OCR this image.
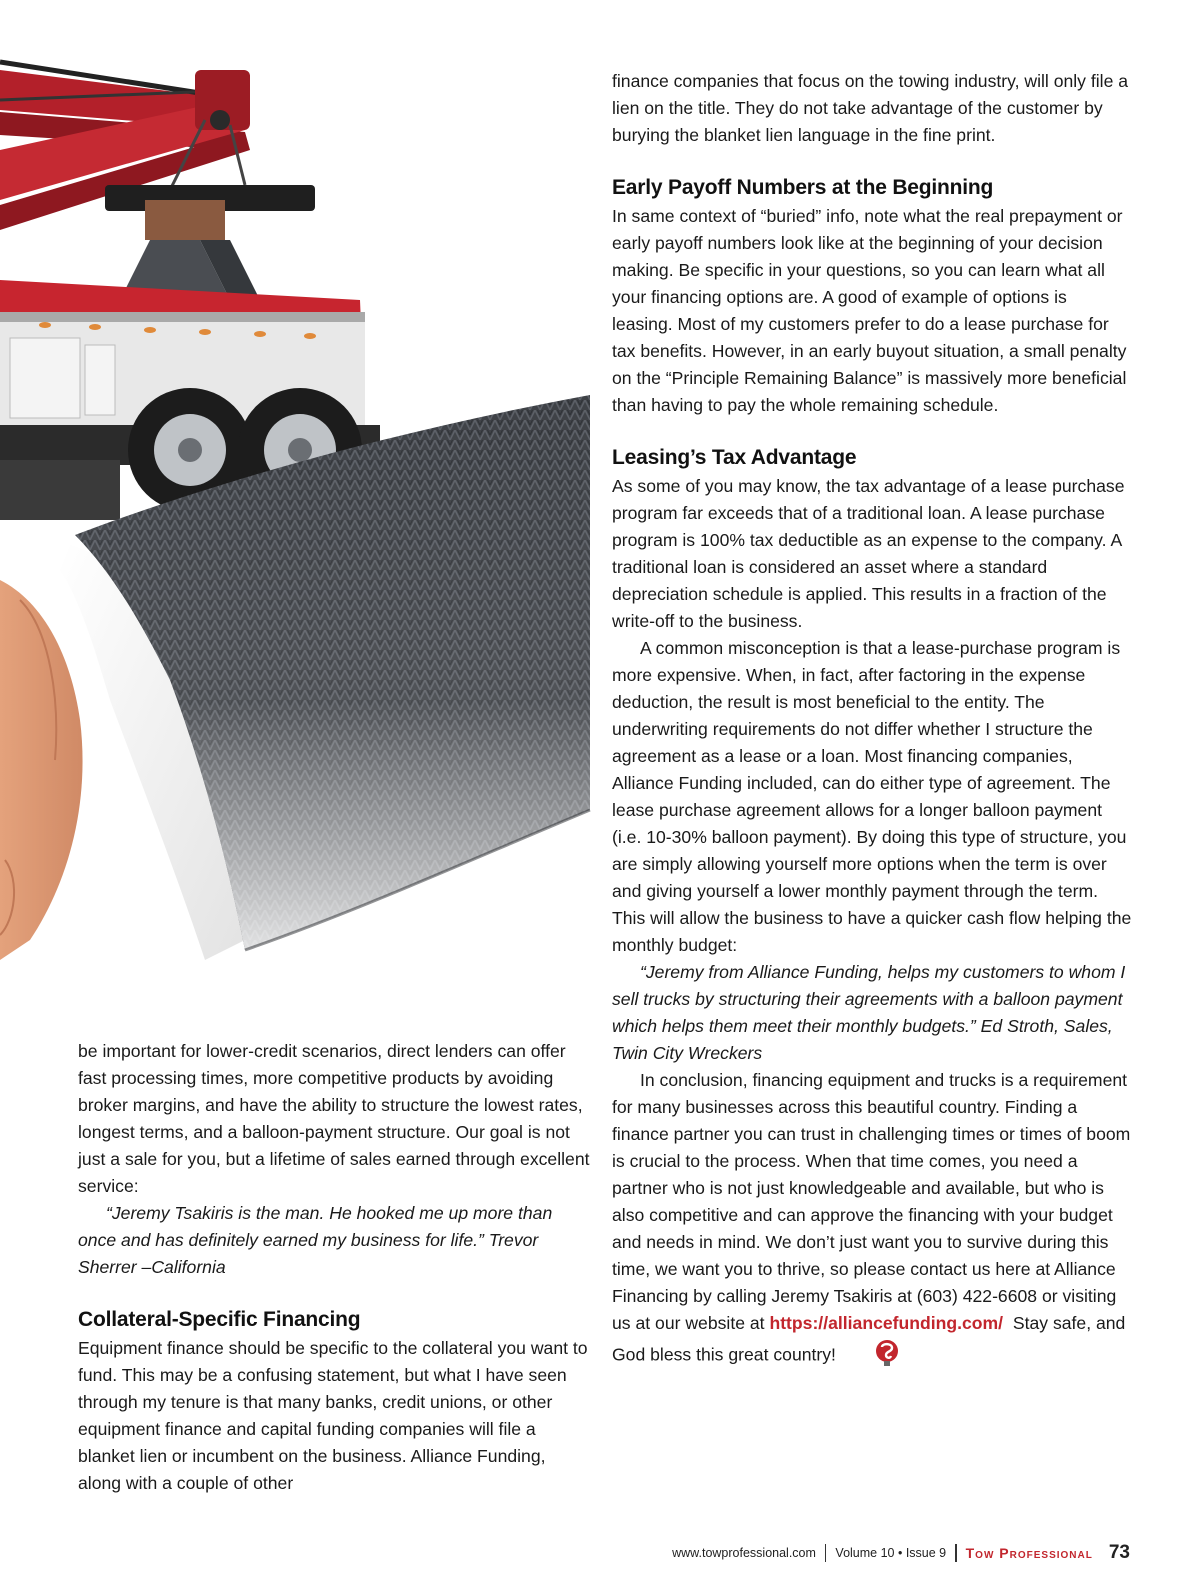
be important for lower-credit scenarios, direct lenders can offer fast processing times, more competitive products by avoiding broker margins, and have the ability to structure the lowest rates, longest terms, and a balloon-payment structure. Our goal is not just a sale for you, but a lifetime of sales earned through excellent service:

“Jeremy Tsakiris is the man. He hooked me up more than once and has definitely earned my business for life.” Trevor Sherrer –California

Collateral-Specific Financing

Equipment finance should be specific to the collateral you want to fund. This may be a confusing statement, but what I have seen through my tenure is that many banks, credit unions, or other equipment finance and capital funding companies will file a blanket lien or incumbent on the business. Alliance Funding, along with a couple of other

finance companies that focus on the towing industry, will only file a lien on the title. They do not take advantage of the customer by burying the blanket lien language in the fine print.

Early Payoff Numbers at the Beginning

In same context of “buried” info, note what the real prepayment or early payoff numbers look like at the beginning of your decision making. Be specific in your questions, so you can learn what all your financing options are. A good of example of options is leasing. Most of my customers prefer to do a lease purchase for tax benefits. However, in an early buyout situation, a small penalty on the “Principle Remaining Balance” is massively more beneficial than having to pay the whole remaining schedule.

Leasing’s Tax Advantage

As some of you may know, the tax advantage of a lease purchase program far exceeds that of a traditional loan. A lease purchase program is 100% tax deductible as an expense to the company. A traditional loan is considered an asset where a standard depreciation schedule is applied. This results in a fraction of the write-off to the business.

A common misconception is that a lease-purchase program is more expensive. When, in fact, after factoring in the expense deduction, the result is most beneficial to the entity. The underwriting requirements do not differ whether I structure the agreement as a lease or a loan. Most financing companies, Alliance Funding included, can do either type of agreement. The lease purchase agreement allows for a longer balloon payment (i.e. 10-30% balloon payment). By doing this type of structure, you are simply allowing yourself more options when the term is over and giving yourself a lower monthly payment through the term. This will allow the business to have a quicker cash flow helping the monthly budget:

“Jeremy from Alliance Funding, helps my customers to whom I sell trucks by structuring their agreements with a balloon payment which helps them meet their monthly budgets.” Ed Stroth, Sales, Twin City Wreckers

In conclusion, financing equipment and trucks is a requirement for many businesses across this beautiful country. Finding a finance partner you can trust in challenging times or times of boom is crucial to the process. When that time comes, you need a partner who is not just knowledgeable and available, but who is also competitive and can approve the financing with your budget and needs in mind. We don’t just want you to survive during this time, we want you to thrive, so please contact us here at Alliance Financing by calling Jeremy Tsakiris at (603) 422-6608 or visiting us at our website at https://alliancefunding.com/ Stay safe, and God bless this great country!

www.towprofessional.com Volume 10 • Issue 9 Tow Professional 73
